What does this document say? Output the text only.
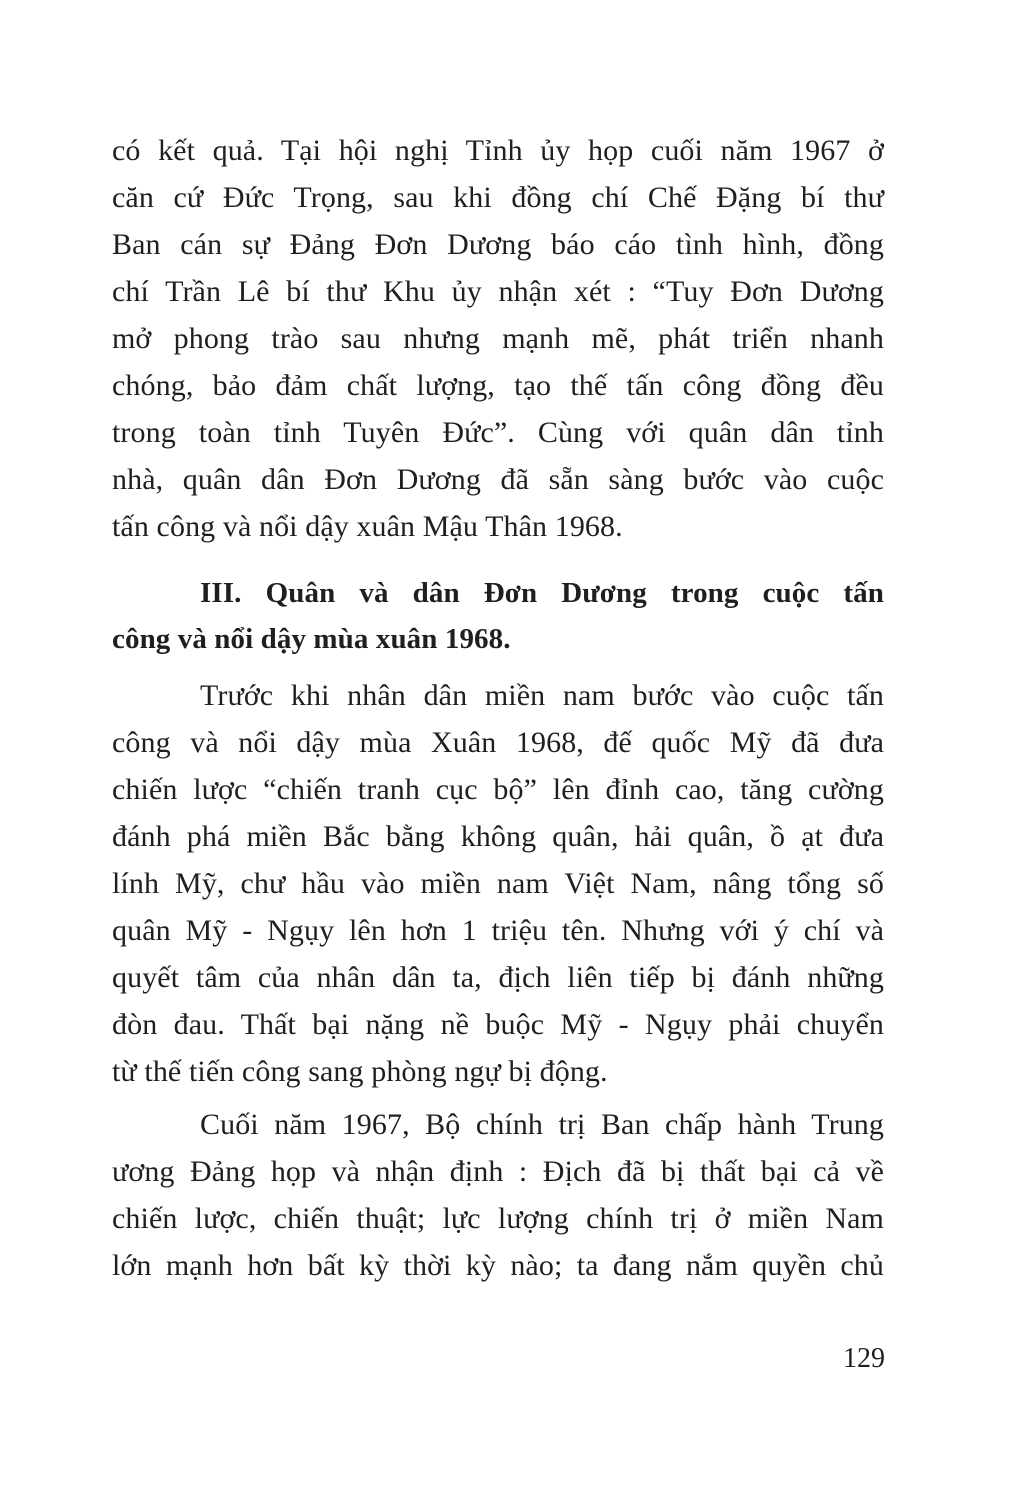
có kết quả. Tại hội nghị Tỉnh ủy họp cuối năm 1967 ở
căn cứ Đức Trọng, sau khi đồng chí Chế Đặng bí thư
Ban cán sự Đảng Đơn Dương báo cáo tình hình, đồng
chí Trần Lê bí thư Khu ủy nhận xét : “Tuy Đơn Dương
mở phong trào sau nhưng mạnh mẽ, phát triển nhanh
chóng, bảo đảm chất lượng, tạo thế tấn công đồng đều
trong toàn tỉnh Tuyên Đức”. Cùng với quân dân tỉnh
nhà, quân dân Đơn Dương đã sẵn sàng bước vào cuộc
tấn công và nổi dậy xuân Mậu Thân 1968.
III. Quân và dân Đơn Dương trong cuộc tấn
công và nổi dậy mùa xuân 1968.
Trước khi nhân dân miền nam bước vào cuộc tấn
công và nổi dậy mùa Xuân 1968, đế quốc Mỹ đã đưa
chiến lược “chiến tranh cục bộ” lên đỉnh cao, tăng cường
đánh phá miền Bắc bằng không quân, hải quân, ồ ạt đưa
lính Mỹ, chư hầu vào miền nam Việt Nam, nâng tổng số
quân Mỹ - Ngụy lên hơn 1 triệu tên. Nhưng với ý chí và
quyết tâm của nhân dân ta, địch liên tiếp bị đánh những
đòn đau. Thất bại nặng nề buộc Mỹ - Ngụy phải chuyển
từ thế tiến công sang phòng ngự bị động.
Cuối năm 1967, Bộ chính trị Ban chấp hành Trung
ương Đảng họp và nhận định : Địch đã bị thất bại cả về
chiến lược, chiến thuật; lực lượng chính trị ở miền Nam
lớn mạnh hơn bất kỳ thời kỳ nào; ta đang nắm quyền chủ
129
